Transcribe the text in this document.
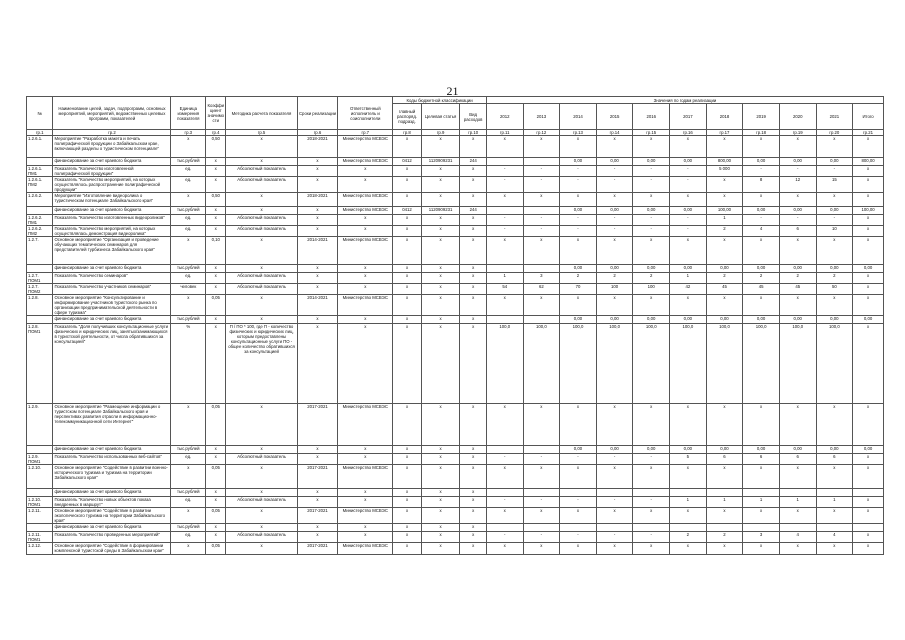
21
№	Наименование целей, задач, подпрограмм, основных мероприятий, мероприятий, ведомственных целевых программ, показателей	Единица измерения показателя	Коэффициент значимости	Методика расчета показателя	Сроки реализации	Ответственный исполнитель и соисполнители	Коды бюджетной классификации			Значения по годам реализации										
							главный распоряд. подразд.	Целевая статья	Вид расходов	2012	2013	2014	2015	2016	2017	2018	2019	2020	2021	Итого
гр.1	гр.2	гр.3	гр.4	гр.5	гр.6	гр.7	гр.8	гр.9	гр.10	гр.11	гр.12	гр.13	гр.14	гр.15	гр.16	гр.17	гр.18	гр.19	гр.20	гр.21
1.2.6.1.	Мероприятие "Разработка макета и печать полиграфической продукции о Забайкальском крае, включающей разделы о туристическом потенциале"	х	0,50	х	2018-2021	Министерство МСВЭС	х	х	х	х	х	х	х	х	х	х	х	х	х	х
	финансирование за счет краевого бюджета	тыс.рублей	х	х	х	Министерство МСВЭС	0412	1120909231	244			0,00	0,00	0,00	0,00	800,00	0,00	0,00	0,00	800,00
1.2.6.1. ПМ1	Показатель "Количество изготовленной полиграфической продукции"	ед.	х	Абсолютный показатель	х	х	х	х	х	-	-	-	-	-	-	5 000	-	-	-	х
1.2.6.1. ПМ2	Показатель "Количество мероприятий, на которых осуществлялось распространение полиграфической продукции"	ед.	х	Абсолютный показатель	х	х	х	х	х	-	-	-	-	-	-	х	8	12	15	х
1.2.6.2.	Мероприятие "Изготовление видеоролика о туристическом потенциале Забайкальского края"	х	0,50	х	2018-2021	Министерство МСВЭС	х	х	х	х	х	х	х	х	х	х	х	х	х	х
	финансирование за счет краевого бюджета	тыс.рублей	х	х	х	Министерство МСВЭС	0412	1120909231	244			0,00	0,00	0,00	0,00	100,00	0,00	0,00	0,00	100,00
1.2.6.2. ПМ1	Показатель "Количество изготовленных видеороликов"	ед.	х	Абсолютный показатель	х	х	х	х	х	-	-	-	-	-	-	1	-	-	-	х
1.2.6.2. ПМ2	Показатель "Количество мероприятий, на которых осуществлялась демонстрация видеоролика"	ед.	х	Абсолютный показатель	х	х	х	х	х	-	-	-	-	-	-	2	4	6	10	х
1.2.7.	Основное мероприятие "Организация и проведение обучающих тематических семинаров для представителей турбизнеса Забайкальского края"	х	0,10	х	2014-2021	Министерство МСВЭС	х	х	х	х	х	х	х	х	х	х	х	х	х	х
	финансирование за счет краевого бюджета	тыс.рублей	х	х	х	х	х	х	х			0,00	0,00	0,00	0,00	0,00	0,00	0,00	0,00	0,00
1.2.7. ПОМ1	Показатель "Количество семинаров"	ед.	х	Абсолютный показатель	х	х	х	х	х	1	3	2	2	2	1	2	2	2	2	х
1.2.7. ПОМ2	Показатель "Количество участников семинаров"	человек	х	Абсолютный показатель	х	х	х	х	х	54	62	70	100	100	42	45	45	45	50	х
1.2.8.	Основное мероприятие "Консультирование и информирование участников туристского рынка по организации предпринимательской деятельности в сфере туризма"	х	0,05	х	2014-2021	Министерство МСВЭС	х	х	х	х	х	х	х	х	х	х	х	х	х	х
	финансирование за счет краевого бюджета	тыс.рублей	х	х	х	х	х	х	х			0,00	0,00	0,00	0,00	0,00	0,00	0,00	0,00	0,00
1.2.8. ПОМ1	Показатель "Доля получивших консультационные услуги физических и юридических лиц, занятых/занимающихся в туристской деятельности, от числа обратившихся за консультацией"	%	х	П / ПО * 100, где П - количество физических и юридических лиц, которым предоставлены консультационные услуги ПО - общее количество обратившихся за консультацией	х	х	х	х	х	100,0	100,0	100,0	100,0	100,0	100,0	100,0	100,0	100,0	100,0	х
1.2.9.	Основное мероприятие "Размещение информации о туристском потенциале Забайкальского края и перспективах развития отрасли в информационно-телекоммуникационной сети Интернет"	х	0,05	х	2017-2021	Министерство МСВЭС	х	х	х	х	х	х	х	х	х	х	х	х	х	х
	финансирование за счет краевого бюджета	тыс.рублей	х	х	х	х	х	х	х			0,00	0,00	0,00	0,00	0,00	0,00	0,00	0,00	0,00
1.2.9. ПОМ1	Показатель "Количество использованных веб-сайтов"	ед.	х	Абсолютный показатель	х	х	х	х	х	-	-	-	-	-	5	6	6	6	6	х
1.2.10.	Основное мероприятие "Содействие в развитии военно-исторического туризма и туризма на территории Забайкальского края"	х	0,05	х	2017-2021	Министерство МСВЭС	х	х	х	х	х	х	х	х	х	х	х	х	х	х
	финансирование за счет краевого бюджета	тыс.рублей	х	х	х	х	х	х	х											
1.2.10. ПОМ1	Показатель "Количество новых объектов показа внедренных в маршрут"	ед.	х	Абсолютный показатель	х	х	х	х	х	-	-	-	-	-	1	1	1	1	1	х
1.2.11.	Основное мероприятие "Содействие в развитии экологического туризма на территории Забайкальского края"	х	0,05	х	2017-2021	Министерство МСВЭС	х	х	х	х	х	х	х	х	х	х	х	х	х	х
	финансирование за счет краевого бюджета	тыс.рублей	х	х	х	х	х	х	х											
1.2.11. ПОМ1	Показатель "Количество проведенных мероприятий"	ед.	х	Абсолютный показатель	х	х	х	х	х	-	-	-	-	-	2	2	3	4	4	х
1.2.12.	Основное мероприятие "Содействие в формировании комплексной туристской среды в Забайкальском крае"	х	0,05	х	2017-2021	Министерство МСВЭС	х	х	х	х	х	х	х	х	х	х	х	х	х	х
